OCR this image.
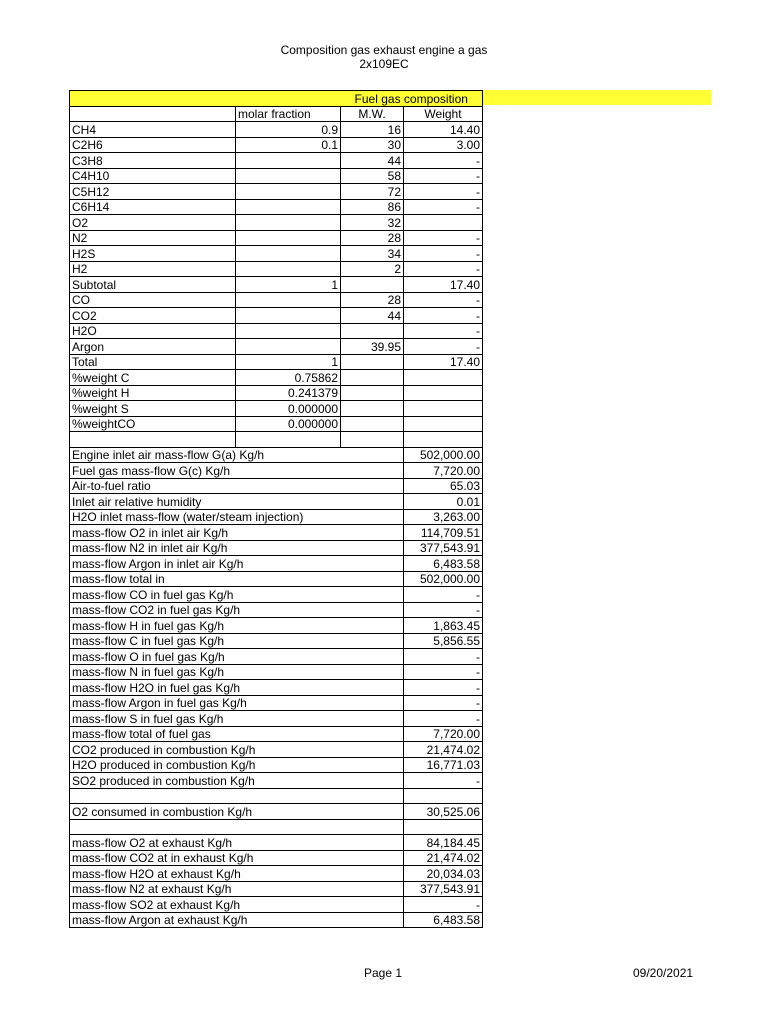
Composition gas exhaust engine a gas
2x109EC
		Fuel gas composition	
	molar fraction	M.W.	Weight
CH4	0.9	16	14.40
C2H6	0.1	30	3.00
C3H8		44	-
C4H10		58	-
C5H12		72	-
C6H14		86	-
O2		32	
N2		28	-
H2S		34	-
H2		2	-
Subtotal	1		17.40
CO		28	-
CO2		44	-
H2O			-
Argon		39.95	-
Total	1		17.40
%weight C	0.75862		
%weight H	0.241379		
%weight S	0.000000		
%weightCO	0.000000		

Engine inlet air mass-flow G(a) Kg/h			502,000.00
Fuel gas mass-flow G(c) Kg/h			7,720.00
Air-to-fuel ratio			65.03
Inlet air relative humidity			0.01
H2O inlet mass-flow (water/steam injection)			3,263.00
mass-flow O2 in inlet air Kg/h			114,709.51
mass-flow N2 in inlet air Kg/h			377,543.91
mass-flow Argon in inlet air Kg/h			6,483.58
mass-flow total in			502,000.00
mass-flow CO in fuel gas Kg/h			-
mass-flow CO2 in fuel gas Kg/h			-
mass-flow H in fuel gas Kg/h			1,863.45
mass-flow C in fuel gas Kg/h			5,856.55
mass-flow O in fuel gas Kg/h			-
mass-flow N in fuel gas Kg/h			-
mass-flow H2O in fuel gas Kg/h			-
mass-flow Argon in fuel gas Kg/h			-
mass-flow S in fuel gas Kg/h			-
mass-flow total of fuel gas			7,720.00
CO2 produced in combustion Kg/h			21,474.02
H2O produced in combustion Kg/h			16,771.03
SO2 produced in combustion Kg/h			-

O2 consumed in combustion Kg/h			30,525.06

mass-flow O2 at exhaust Kg/h			84,184.45
mass-flow CO2 at in exhaust Kg/h			21,474.02
mass-flow H2O at exhaust Kg/h			20,034.03
mass-flow N2 at exhaust Kg/h			377,543.91
mass-flow SO2 at exhaust Kg/h			-
mass-flow Argon at exhaust Kg/h			6,483.58
Page 1	09/20/2021
